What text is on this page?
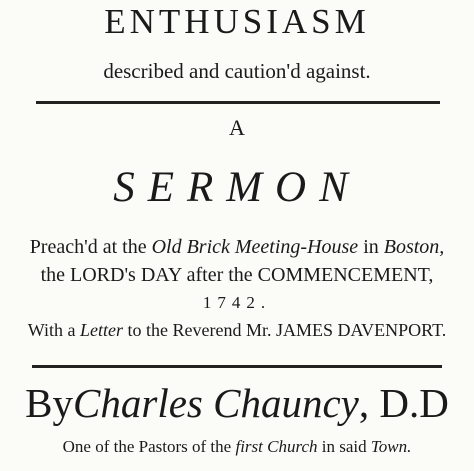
ENTHUSIASM
described and caution'd against.
A
SERMON
Preach'd at the Old Brick Meeting-House in Boston,
the LORD's DAY after the COMMENCEMENT,
1742.
With a Letter to the Reverend Mr. JAMES DAVENPORT.
ByCharles Chauncy, D.D
One of the Pastors of the first Church in said Town.
